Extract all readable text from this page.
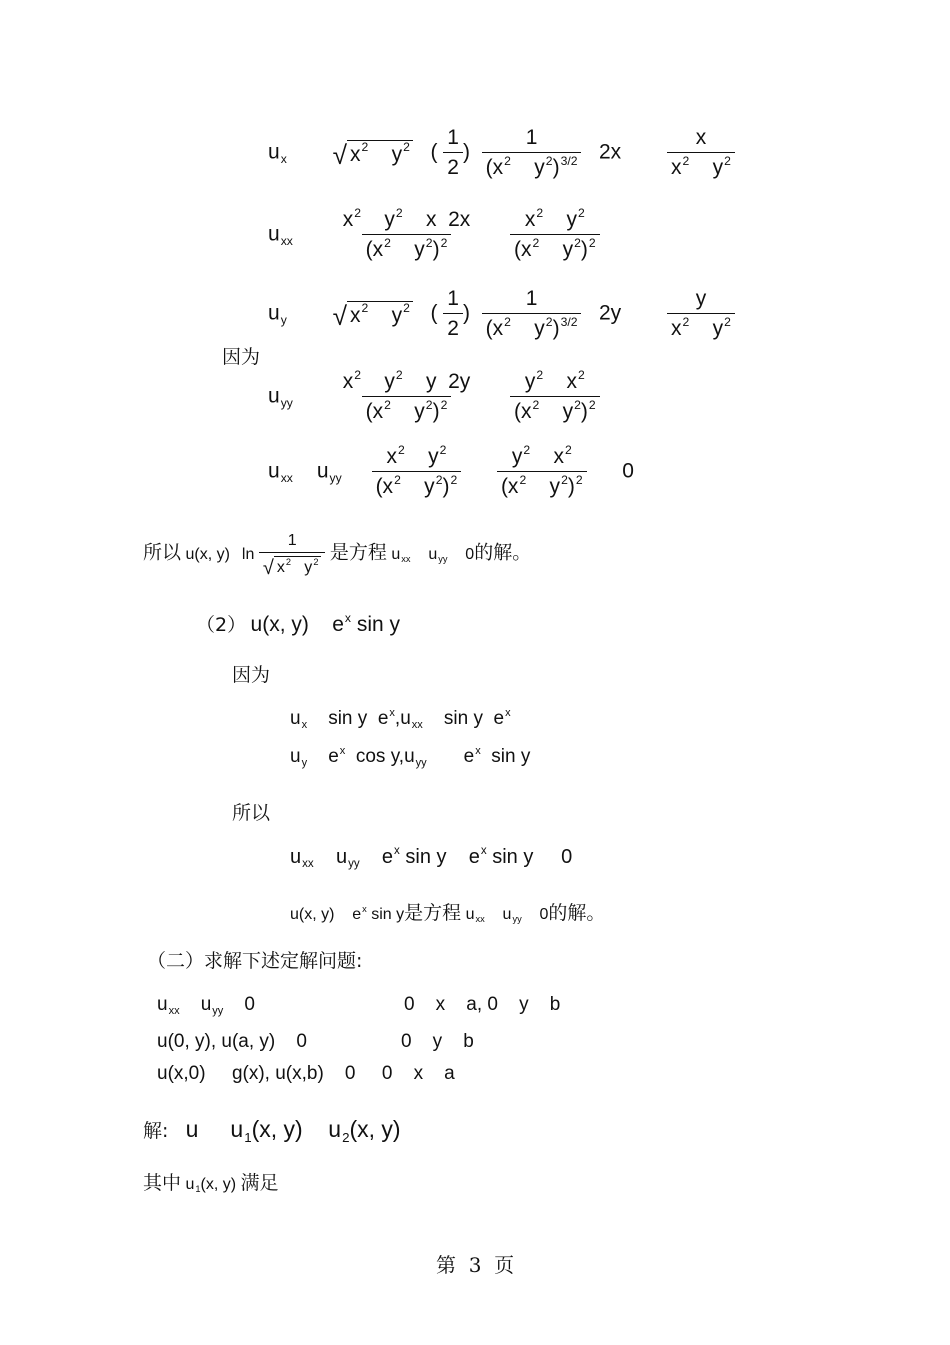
$u_x$ √ $x^2$    $y^2$ ( $\frac{1}{2}$ ) $\frac{1}{(x^2 y^2)^{3/2}} 2x \frac{x}{x^2 y^2}$
$u_{xx} \frac{x^2 y^2 x 2x}{(x^2 y^2)^2}$
$\frac{x^2 y^2}{(x^2 y^2)^2}$
$u_y$ √ $x^2$    $y^2$ ( $\frac{1}{2}$ ) $\frac{1}{(x^2 y^2)^{3/2}} 2y \frac{y}{x^2 y^2}$
因为
$u_{yy} \frac{x^2 y^2 y 2y}{(x^2 y^2)^2}$
$\frac{y^2 x^2}{(x^2 y^2)^2}$
$u_{xx}$ $u_{yy} \frac{x^2 y^2}{(x^2 y^2)^2}$
$\frac{y^2 x^2}{(x^2 y^2)^2} 0$
所以 u(x, y) $\ln \frac{1}{√ x^2 y^2}$ 是方程 $u_{xx}$    $u_{yy}$    0的解。
（2） u(x, y)    $e^x$ sin y
因为
$u_x$    sin y  $e^x,u_{xx}$    sin y  $e^x$
$u_y$    $e^x$  $\cos y,u_{yy}$       $e^x$  sin y
所以
$u_{xx}$    $u_{yy}$    $e^x$ sin y    $e^x$ sin y     0
u(x, y)    $e^x$ sin y是方程 $u_{xx}$    $u_{yy}$    0的解。
（二）求解下述定解问题:
$u_{xx}$    $u_{yy}$    0	0    x    a, 0    y    b
u(0, y), u(a, y)    0	0    y    b
u(x,0)     g(x), u(x,b)    0     0    x    a
解:   u     $u_1(x$, y)    $u_2(x$, y)
其中 $u_1(x$, y) 满足
第 3 页
